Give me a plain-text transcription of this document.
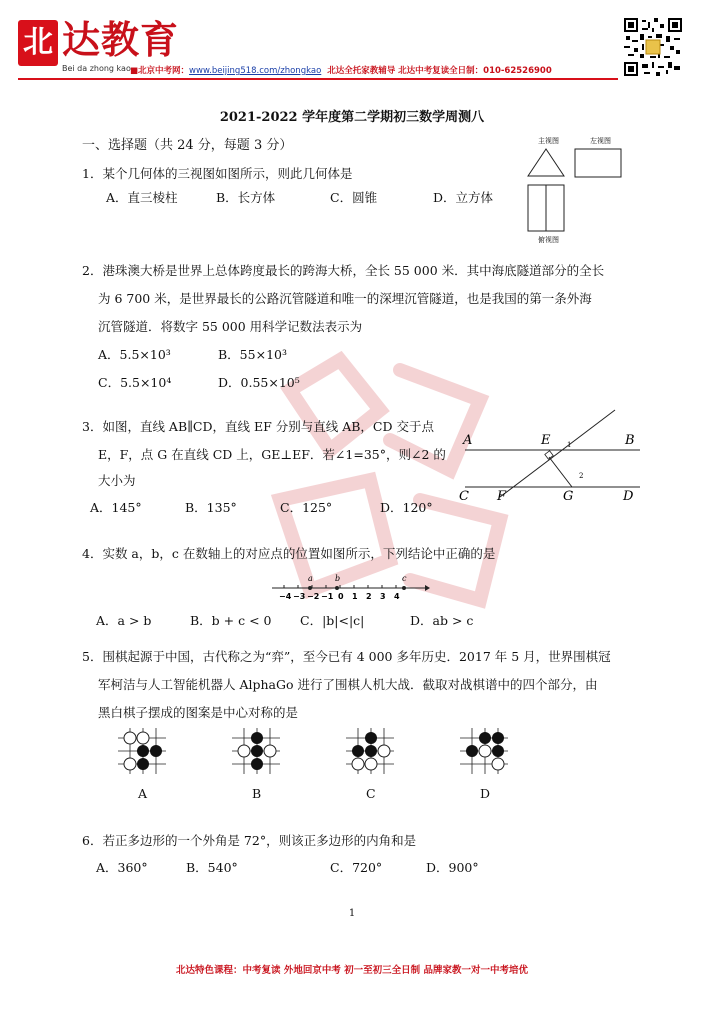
北 达教育
Bei da zhong kao ■北京中考网：www.beijing518.com/zhongkao 北达全托家教辅导 北达中考复读全日制：010-62526900
2021-2022 学年度第二学期初三数学周测八
一、选择题（共 24 分，每题 3 分）
1．某个几何体的三视图如图所示，则此几何体是
A．直三棱柱	B．长方体	C．圆锥	D．立方体
主视图	左视图
俯视图
2．港珠澳大桥是世界上总体跨度最长的跨海大桥，全长 55 000 米．其中海底隧道部分的全长
为 6 700 米，是世界最长的公路沉管隧道和唯一的深埋沉管隧道，也是我国的第一条外海
沉管隧道．将数字 55 000 用科学记数法表示为
A．5.5×10³	B．55×10³
C．5.5×10⁴	D．0.55×10⁵
3．如图，直线 AB∥CD，直线 EF 分别与直线 AB，CD 交于点
E，F，点 G 在直线 CD 上，GE⊥EF．若∠1=35°，则∠2 的
大小为
A．145°	B．135°	C．125°	D．120°
A	B
C	D
E
F	G
1
2
4．实数 a，b，c 在数轴上的对应点的位置如图所示，下列结论中正确的是
a	b	c
−4 −3 −2 −1 0 1 2 3 4
A．a > b	B．b + c < 0 C．|b|<|c|	D．ab > c
5．围棋起源于中国，古代称之为“弈”，至今已有 4 000 多年历史．2017 年 5 月，世界围棋冠
军柯洁与人工智能机器人 AlphaGo 进行了围棋人机大战．截取对战棋谱中的四个部分，由
黑白棋子摆成的图案是中心对称的是
A	B	C	D
6．若正多边形的一个外角是 72°，则该正多边形的内角和是
A．360°	B．540°	C．720°	D．900°
1
北达特色课程：中考复读 外地回京中考 初一至初三全日制 品牌家教一对一中考培优
